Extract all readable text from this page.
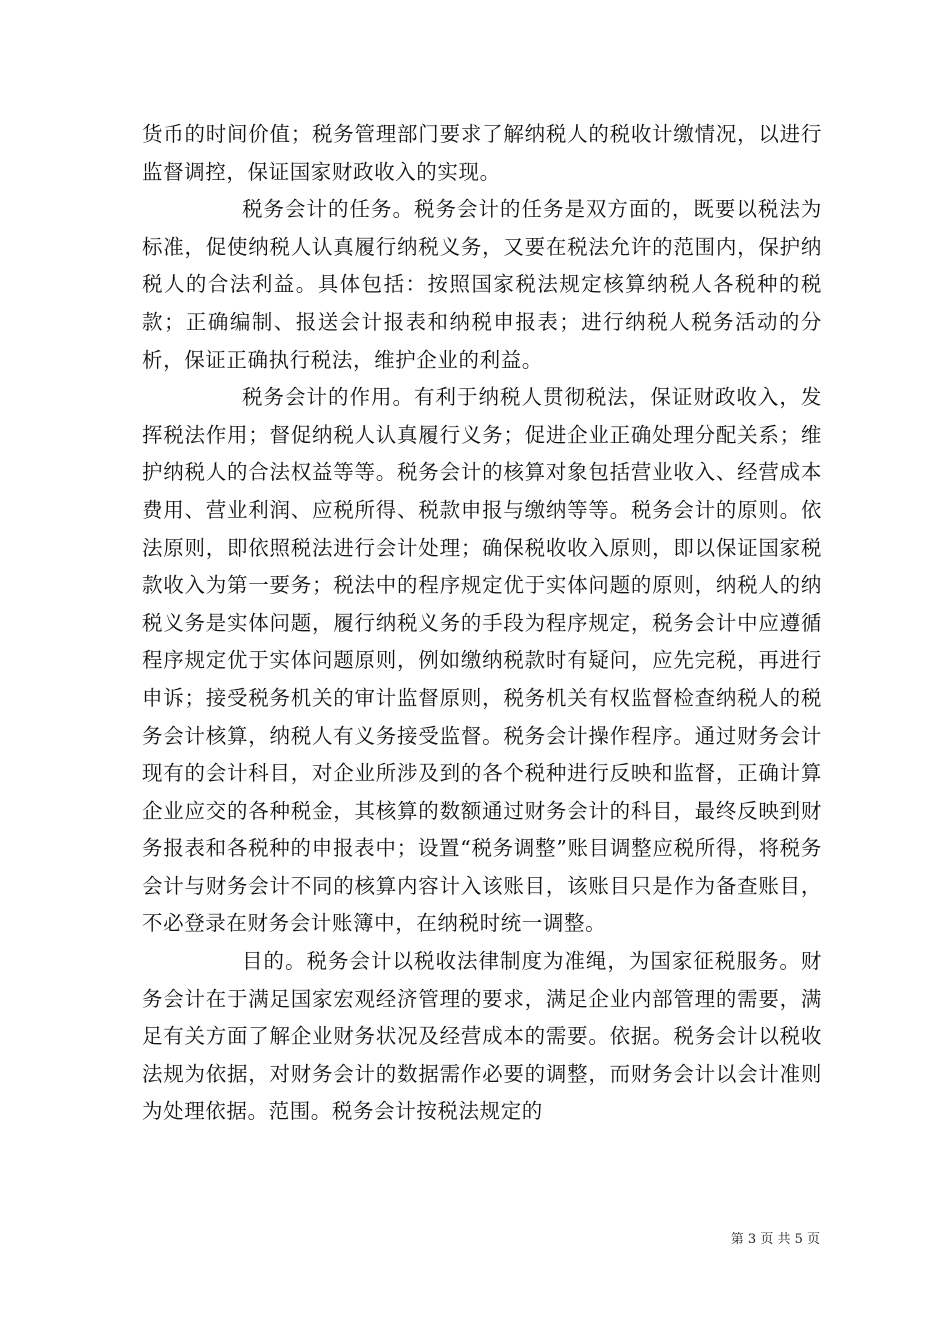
货币的时间价值；税务管理部门要求了解纳税人的税收计缴情况，以进行监督调控，保证国家财政收入的实现。

税务会计的任务。税务会计的任务是双方面的，既要以税法为标准，促使纳税人认真履行纳税义务，又要在税法允许的范围内，保护纳税人的合法利益。具体包括：按照国家税法规定核算纳税人各税种的税款；正确编制、报送会计报表和纳税申报表；进行纳税人税务活动的分析，保证正确执行税法，维护企业的利益。

税务会计的作用。有利于纳税人贯彻税法，保证财政收入，发挥税法作用；督促纳税人认真履行义务；促进企业正确处理分配关系；维护纳税人的合法权益等等。税务会计的核算对象包括营业收入、经营成本费用、营业利润、应税所得、税款申报与缴纳等等。税务会计的原则。依法原则，即依照税法进行会计处理；确保税收收入原则，即以保证国家税款收入为第一要务；税法中的程序规定优于实体问题的原则，纳税人的纳税义务是实体问题，履行纳税义务的手段为程序规定，税务会计中应遵循程序规定优于实体问题原则，例如缴纳税款时有疑问，应先完税，再进行申诉；接受税务机关的审计监督原则，税务机关有权监督检查纳税人的税务会计核算，纳税人有义务接受监督。税务会计操作程序。通过财务会计现有的会计科目，对企业所涉及到的各个税种进行反映和监督，正确计算企业应交的各种税金，其核算的数额通过财务会计的科目，最终反映到财务报表和各税种的申报表中；设置“税务调整”账目调整应税所得，将税务会计与财务会计不同的核算内容计入该账目，该账目只是作为备查账目，不必登录在财务会计账簿中，在纳税时统一调整。

目的。税务会计以税收法律制度为准绳，为国家征税服务。财务会计在于满足国家宏观经济管理的要求，满足企业内部管理的需要，满足有关方面了解企业财务状况及经营成本的需要。依据。税务会计以税收法规为依据，对财务会计的数据需作必要的调整，而财务会计以会计准则为处理依据。范围。税务会计按税法规定的

第 3 页 共 5 页
